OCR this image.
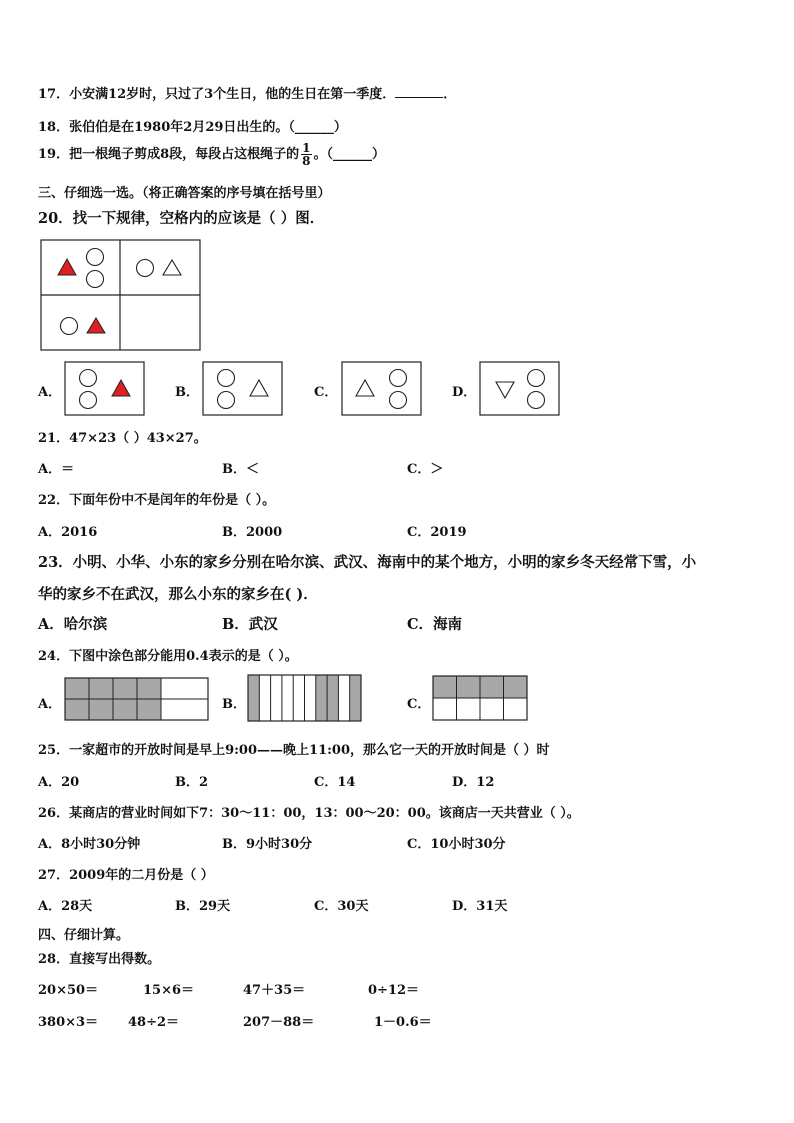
17．小安满12岁时，只过了3个生日，他的生日在第一季度．	．
18．张伯伯是在1980年2月29日出生的。（______）
19．把一根绳子剪成8段，每段占这根绳子的 $\frac{1}{8}$ 。（______）
三、仔细选一选。（将正确答案的序号填在括号里）
20．找一下规律，空格内的应该是（ ）图．
A．	B．	C．	D．
21．47×23（ ）43×27。
A．＝	B．＜	C．＞
22．下面年份中不是闰年的年份是（ ）。
A．2016	B．2000	C．2019
23．小明、小华、小东的家乡分别在哈尔滨、武汉、海南中的某个地方，小明的家乡冬天经常下雪，小
华的家乡不在武汉，那么小东的家乡在( )．
A．哈尔滨	B．武汉	C．海南
24．下图中涂色部分能用0.4表示的是（ ）。
A．	B．	C．
25．一家超市的开放时间是早上9:00——晚上11:00，那么它一天的开放时间是（ ）时
A．20	B．2	C．14	D．12
26．某商店的营业时间如下7：30～11：00，13：00～20：00。该商店一天共营业（ ）。
A．8小时30分钟	B．9小时30分	C．10小时30分
27．2009年的二月份是（ ）
A．28天	B．29天	C．30天	D．31天
四、仔细计算。
28．直接写出得数。
20×50＝	15×6＝	47＋35＝	0÷12＝
380×3＝ 48÷2＝	207－88＝	1－0.6＝
